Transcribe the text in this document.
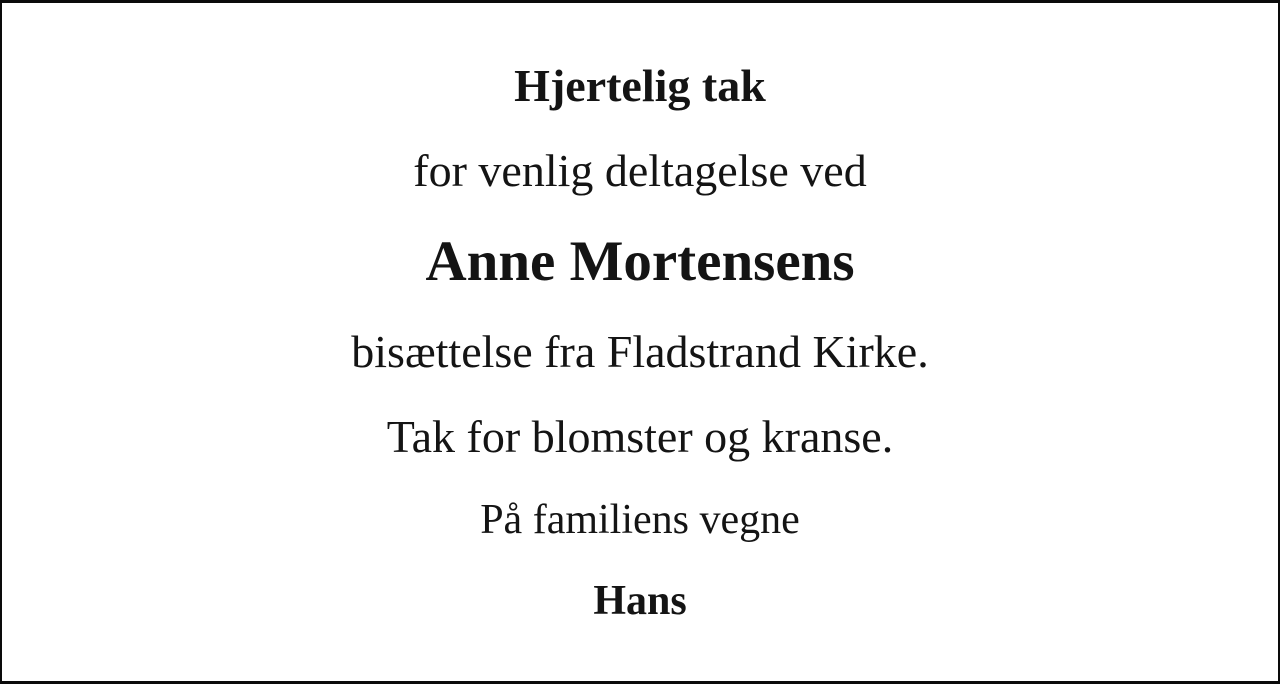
Hjertelig tak
for venlig deltagelse ved
Anne Mortensens
bisættelse fra Fladstrand Kirke.
Tak for blomster og kranse.
På familiens vegne
Hans
